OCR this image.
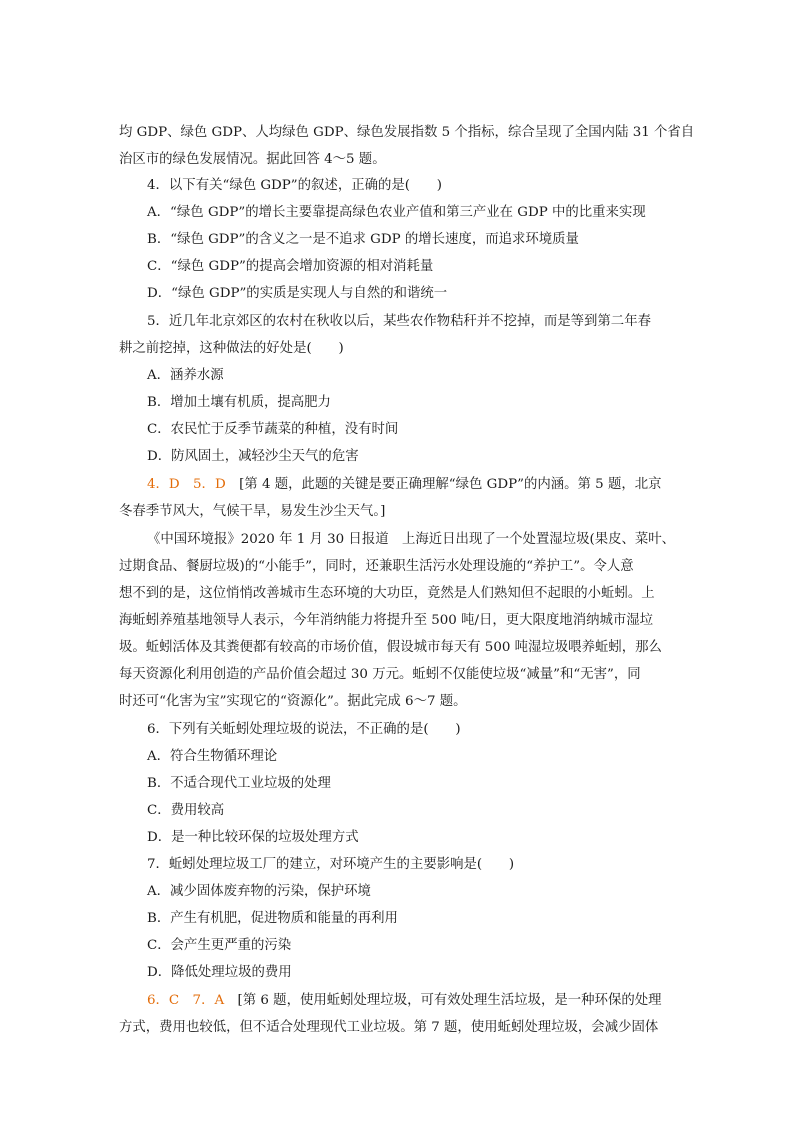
均 GDP、绿色 GDP、人均绿色 GDP、绿色发展指数 5 个指标，综合呈现了全国内陆 31 个省自
治区市的绿色发展情况。据此回答 4～5 题。
4．以下有关“绿色 GDP”的叙述，正确的是(　　)
A．“绿色 GDP”的增长主要靠提高绿色农业产值和第三产业在 GDP 中的比重来实现
B．“绿色 GDP”的含义之一是不追求 GDP 的增长速度，而追求环境质量
C．“绿色 GDP”的提高会增加资源的相对消耗量
D．“绿色 GDP”的实质是实现人与自然的和谐统一
5．近几年北京郊区的农村在秋收以后，某些农作物秸秆并不挖掉，而是等到第二年春
耕之前挖掉，这种做法的好处是(　　)
A．涵养水源
B．增加土壤有机质，提高肥力
C．农民忙于反季节蔬菜的种植，没有时间
D．防风固土，减轻沙尘天气的危害
4．D　5．D　[第 4 题，此题的关键是要正确理解“绿色 GDP”的内涵。第 5 题，北京
冬春季节风大，气候干旱，易发生沙尘天气。]
《中国环境报》2020 年 1 月 30 日报道　上海近日出现了一个处置湿垃圾(果皮、菜叶、
过期食品、餐厨垃圾)的“小能手”，同时，还兼职生活污水处理设施的“养护工”。令人意
想不到的是，这位悄悄改善城市生态环境的大功臣，竟然是人们熟知但不起眼的小蚯蚓。上
海蚯蚓养殖基地领导人表示，今年消纳能力将提升至 500 吨/日，更大限度地消纳城市湿垃
圾。蚯蚓活体及其粪便都有较高的市场价值，假设城市每天有 500 吨湿垃圾喂养蚯蚓，那么
每天资源化利用创造的产品价值会超过 30 万元。蚯蚓不仅能使垃圾“减量”和“无害”，同
时还可“化害为宝”实现它的“资源化”。据此完成 6～7 题。
6．下列有关蚯蚓处理垃圾的说法，不正确的是(　　)
A．符合生物循环理论
B．不适合现代工业垃圾的处理
C．费用较高
D．是一种比较环保的垃圾处理方式
7．蚯蚓处理垃圾工厂的建立，对环境产生的主要影响是(　　)
A．减少固体废弃物的污染，保护环境
B．产生有机肥，促进物质和能量的再利用
C．会产生更严重的污染
D．降低处理垃圾的费用
6．C　7．A　[第 6 题，使用蚯蚓处理垃圾，可有效处理生活垃圾，是一种环保的处理
方式，费用也较低，但不适合处理现代工业垃圾。第 7 题，使用蚯蚓处理垃圾，会减少固体
